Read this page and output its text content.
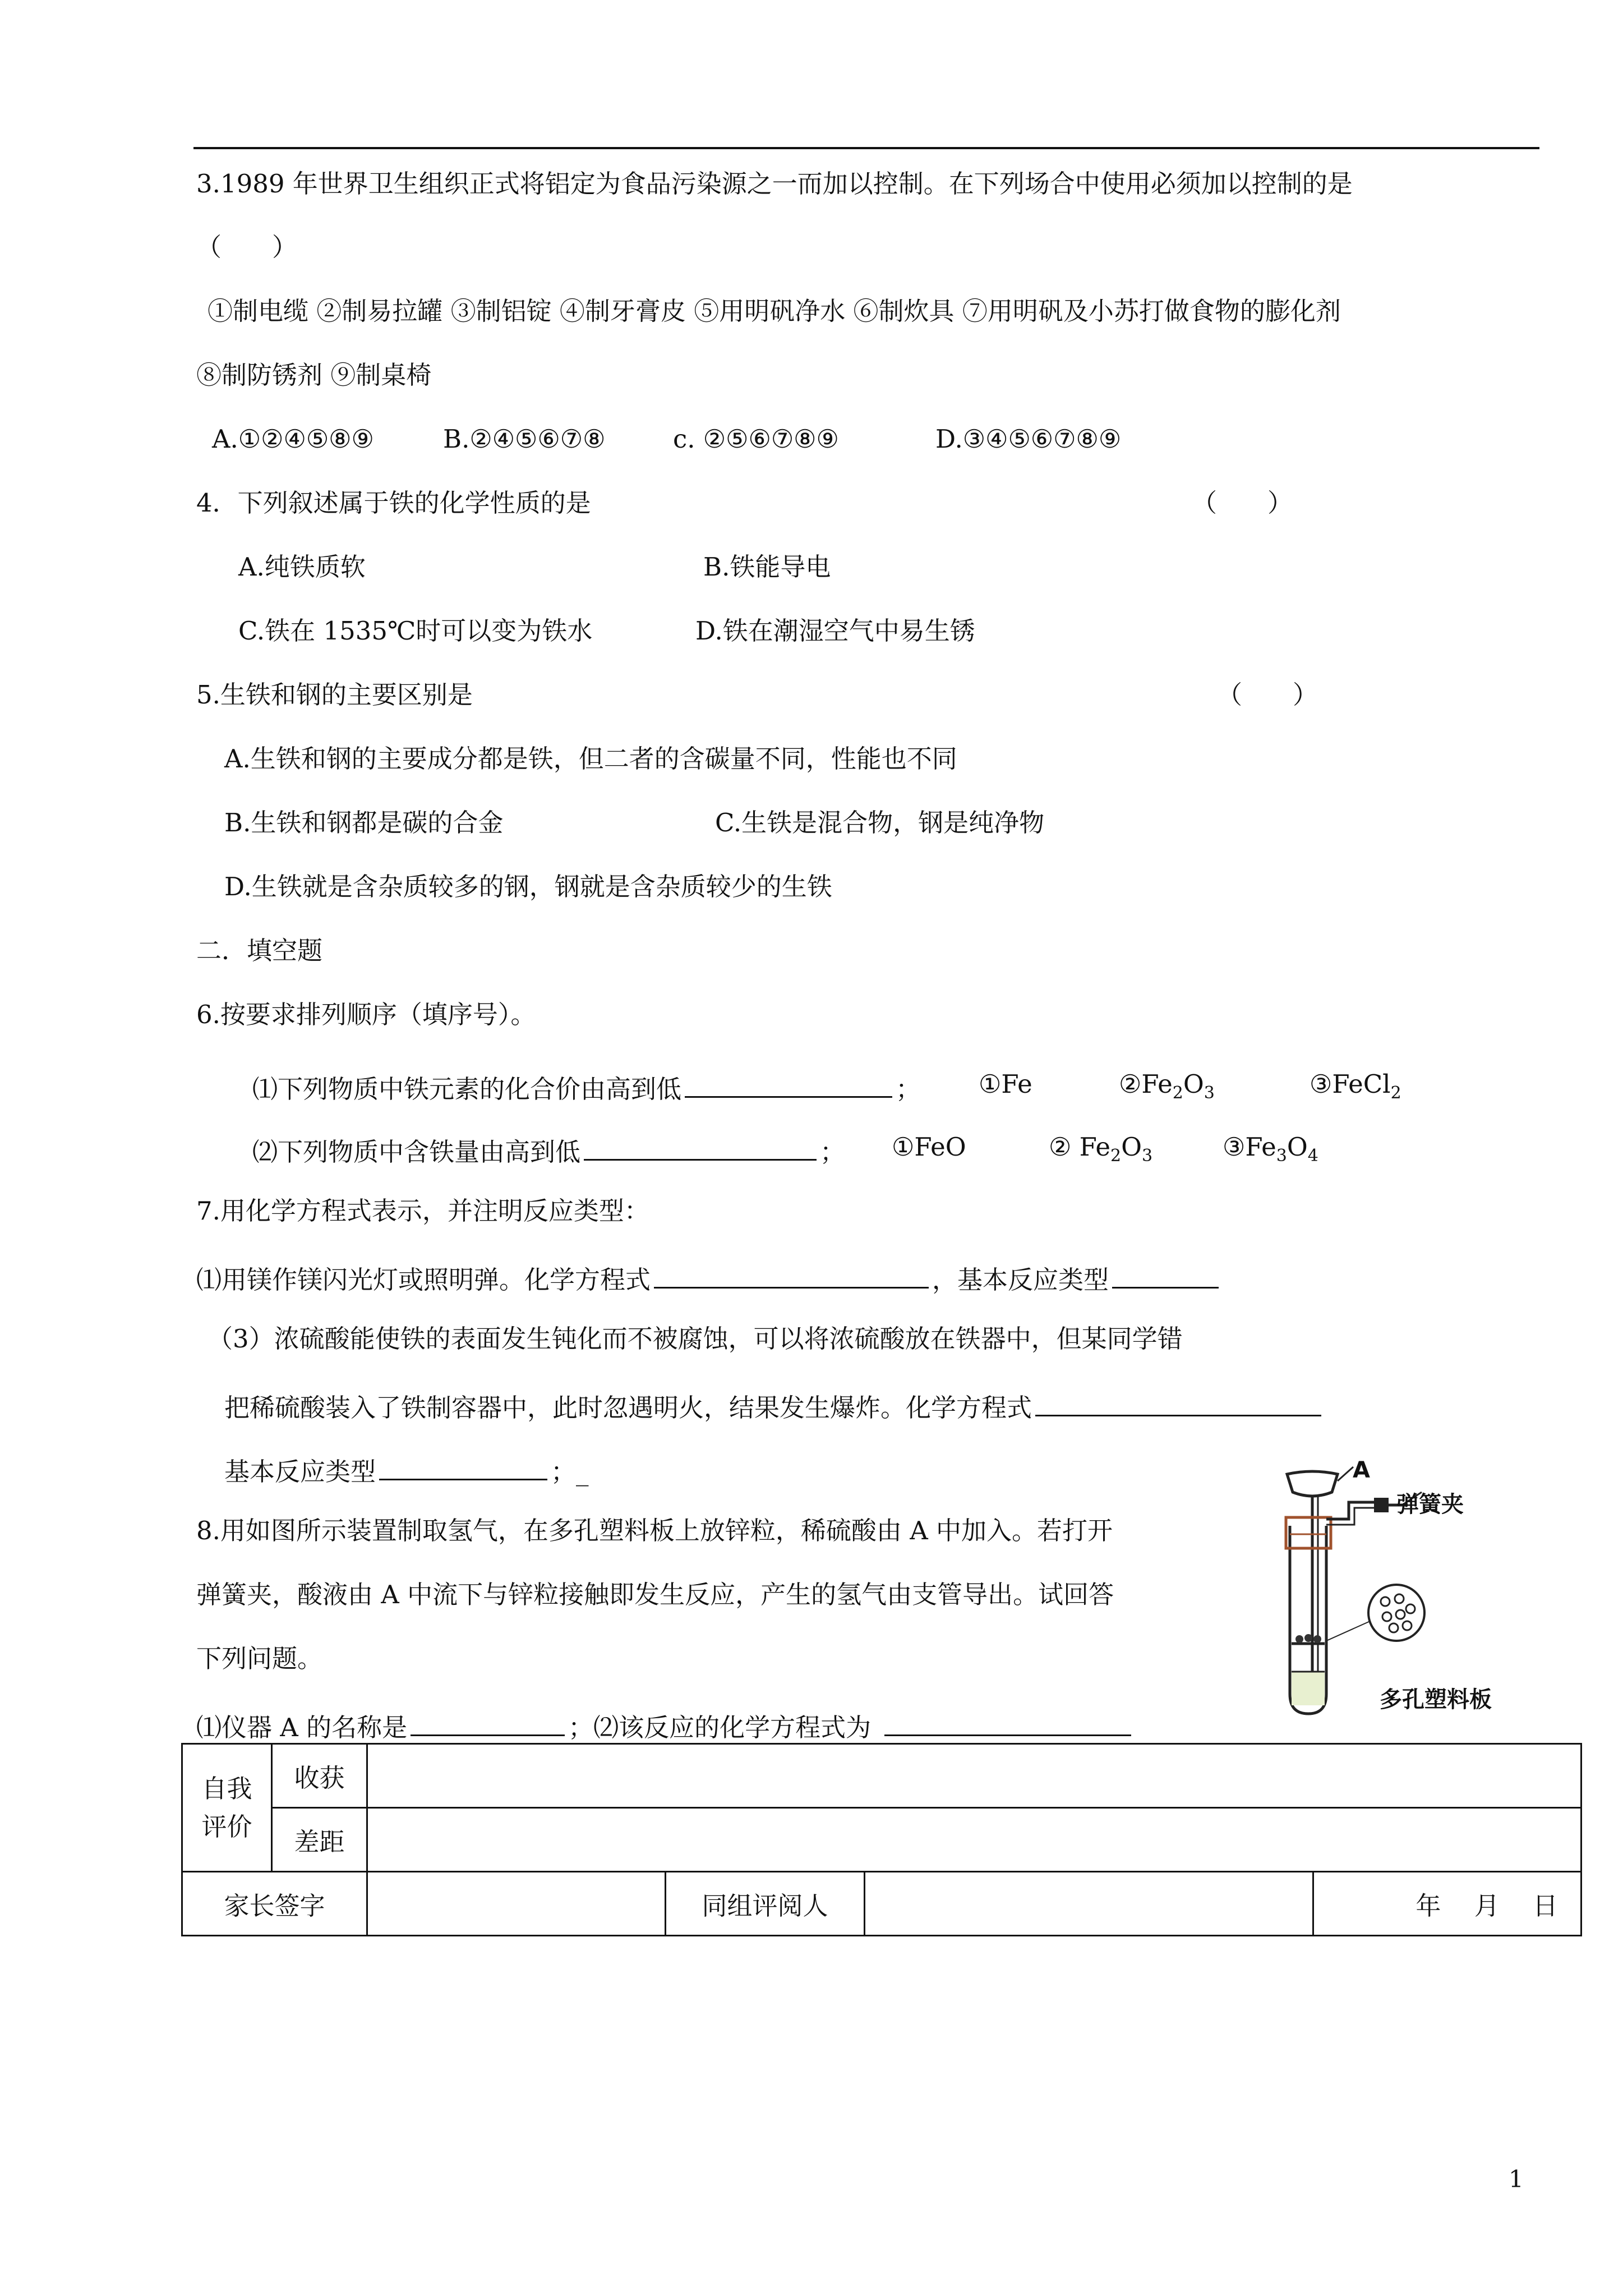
3.1989 年世界卫生组织正式将铝定为食品污染源之一而加以控制。在下列场合中使用必须加以控制的是
（　　）
①制电缆 ②制易拉罐 ③制铝锭 ④制牙膏皮 ⑤用明矾净水 ⑥制炊具 ⑦用明矾及小苏打做食物的膨化剂
⑧制防锈剂 ⑨制桌椅
A.①②④⑤⑧⑨	B.②④⑤⑥⑦⑧	c. ②⑤⑥⑦⑧⑨	D.③④⑤⑥⑦⑧⑨
4．下列叙述属于铁的化学性质的是	（　　）
A.纯铁质软	B.铁能导电
C.铁在 1535℃时可以变为铁水	D.铁在潮湿空气中易生锈
5.生铁和钢的主要区别是	（　　）
A.生铁和钢的主要成分都是铁，但二者的含碳量不同，性能也不同
B.生铁和钢都是碳的合金	C.生铁是混合物，钢是纯净物
D.生铁就是含杂质较多的钢，钢就是含杂质较少的生铁
二．填空题
6.按要求排列顺序（填序号）。
⑴下列物质中铁元素的化合价由高到低	； ①Fe	$②Fe_2O_3$	③FeCl$_2$
⑵下列物质中含铁量由高到低	； ①FeO	② $Fe_2O_3$	$③Fe_3O_4$
7.用化学方程式表示，并注明反应类型：
⑴用镁作镁闪光灯或照明弹。化学方程式	，基本反应类型
（3）浓硫酸能使铁的表面发生钝化而不被腐蚀，可以将浓硫酸放在铁器中，但某同学错
把稀硫酸装入了铁制容器中，此时忽遇明火，结果发生爆炸。化学方程式
基本反应类型	；_
8.用如图所示装置制取氢气，在多孔塑料板上放锌粒，稀硫酸由 A 中加入。若打开
弹簧夹，酸液由 A 中流下与锌粒接触即发生反应，产生的氢气由支管导出。试回答
下列问题。
⑴仪器 A 的名称是	；⑵该反应的化学方程式为
A
弹簧夹
多孔塑料板
自我
评价	收获				
	差距				
家长签字			同组评阅人		年　 月　 日
1
